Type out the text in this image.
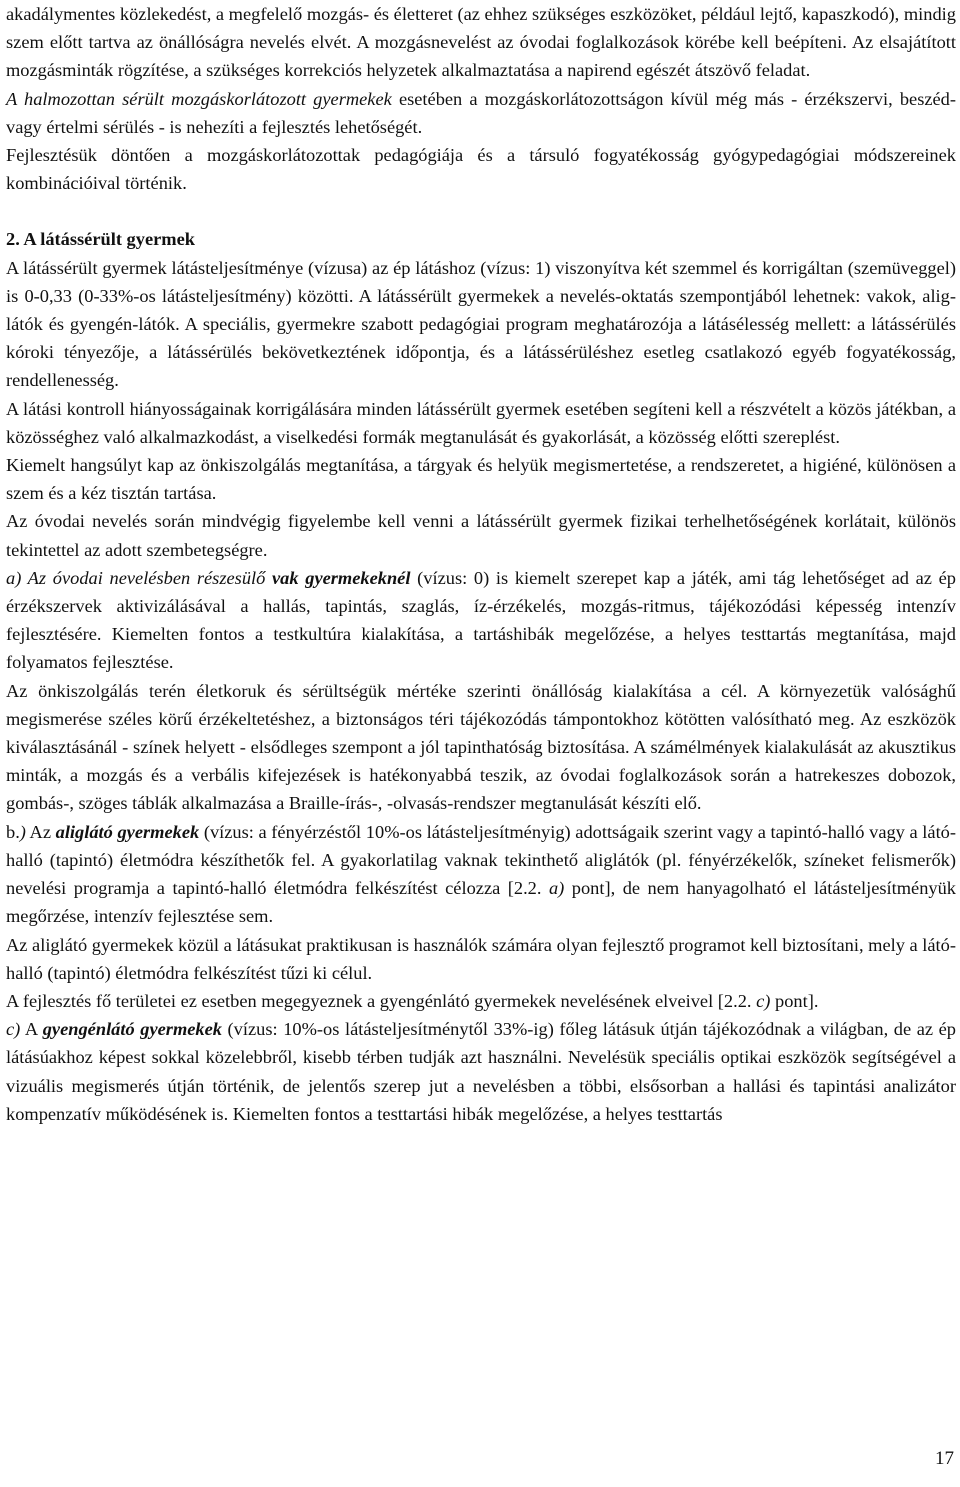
akadálymentes közlekedést, a megfelelő mozgás- és életteret (az ehhez szükséges eszközöket, például lejtő, kapaszkodó), mindig szem előtt tartva az önállóságra nevelés elvét. A mozgásnevelést az óvodai foglalkozások körébe kell beépíteni. Az elsajátított mozgásminták rögzítése, a szükséges korrekciós helyzetek alkalmaztatása a napirend egészét átszövő feladat.

A halmozottan sérült mozgáskorlátozott gyermekek esetében a mozgáskorlátozottságon kívül még más - érzékszervi, beszéd- vagy értelmi sérülés - is nehezíti a fejlesztés lehetőségét.

Fejlesztésük döntően a mozgáskorlátozottak pedagógiája és a társuló fogyatékosság gyógypedagógiai módszereinek kombinációival történik.

2. A látássérült gyermek

A látássérült gyermek látásteljesítménye (vízusa) az ép látáshoz (vízus: 1) viszonyítva két szemmel és korrigáltan (szemüveggel) is 0-0,33 (0-33%-os látásteljesítmény) közötti. A látássérült gyermekek a nevelés-oktatás szempontjából lehetnek: vakok, alig-látók és gyengén-látók. A speciális, gyermekre szabott pedagógiai program meghatározója a látásélesség mellett: a látássérülés kóroki tényezője, a látássérülés bekövetkeztének időpontja, és a látássérüléshez esetleg csatlakozó egyéb fogyatékosság, rendellenesség.

A látási kontroll hiányosságainak korrigálására minden látássérült gyermek esetében segíteni kell a részvételt a közös játékban, a közösséghez való alkalmazkodást, a viselkedési formák megtanulását és gyakorlását, a közösség előtti szereplést.

Kiemelt hangsúlyt kap az önkiszolgálás megtanítása, a tárgyak és helyük megismertetése, a rendszeretet, a higiéné, különösen a szem és a kéz tisztán tartása.

Az óvodai nevelés során mindvégig figyelembe kell venni a látássérült gyermek fizikai terhelhetőségének korlátait, különös tekintettel az adott szembetegségre.

a) Az óvodai nevelésben részesülő vak gyermekeknél (vízus: 0) is kiemelt szerepet kap a játék, ami tág lehetőséget ad az ép érzékszervek aktivizálásával a hallás, tapintás, szaglás, íz-érzékelés, mozgás-ritmus, tájékozódási képesség intenzív fejlesztésére. Kiemelten fontos a testkultúra kialakítása, a tartáshibák megelőzése, a helyes testtartás megtanítása, majd folyamatos fejlesztése.

Az önkiszolgálás terén életkoruk és sérültségük mértéke szerinti önállóság kialakítása a cél. A környezetük valósághű megismerése széles körű érzékeltetéshez, a biztonságos téri tájékozódás támpontokhoz kötötten valósítható meg. Az eszközök kiválasztásánál - színek helyett - elsődleges szempont a jól tapinthatóság biztosítása. A számélmények kialakulását az akusztikus minták, a mozgás és a verbális kifejezések is hatékonyabbá teszik, az óvodai foglalkozások során a hatrekeszes dobozok, gombás-, szöges táblák alkalmazása a Braille-írás-, -olvasás-rendszer megtanulását készíti elő.

b.) Az aliglátó gyermekek (vízus: a fényérzéstől 10%-os látásteljesítményig) adottságaik szerint vagy a tapintó-halló vagy a látó-halló (tapintó) életmódra készíthetők fel. A gyakorlatilag vaknak tekinthető aliglátók (pl. fényérzékelők, színeket felismerők) nevelési programja a tapintó-halló életmódra felkészítést célozza [2.2. a) pont], de nem hanyagolható el látásteljesítményük megőrzése, intenzív fejlesztése sem.

Az aliglátó gyermekek közül a látásukat praktikusan is használók számára olyan fejlesztő programot kell biztosítani, mely a látó-halló (tapintó) életmódra felkészítést tűzi ki célul.

A fejlesztés fő területei ez esetben megegyeznek a gyengénlátó gyermekek nevelésének elveivel [2.2. c) pont].

c) A gyengénlátó gyermekek (vízus: 10%-os látásteljesítménytől 33%-ig) főleg látásuk útján tájékozódnak a világban, de az ép látásúakhoz képest sokkal közelebbről, kisebb térben tudják azt használni. Nevelésük speciális optikai eszközök segítségével a vizuális megismerés útján történik, de jelentős szerep jut a nevelésben a többi, elsősorban a hallási és tapintási analizátor kompenzatív működésének is. Kiemelten fontos a testtartási hibák megelőzése, a helyes testtartás

17
